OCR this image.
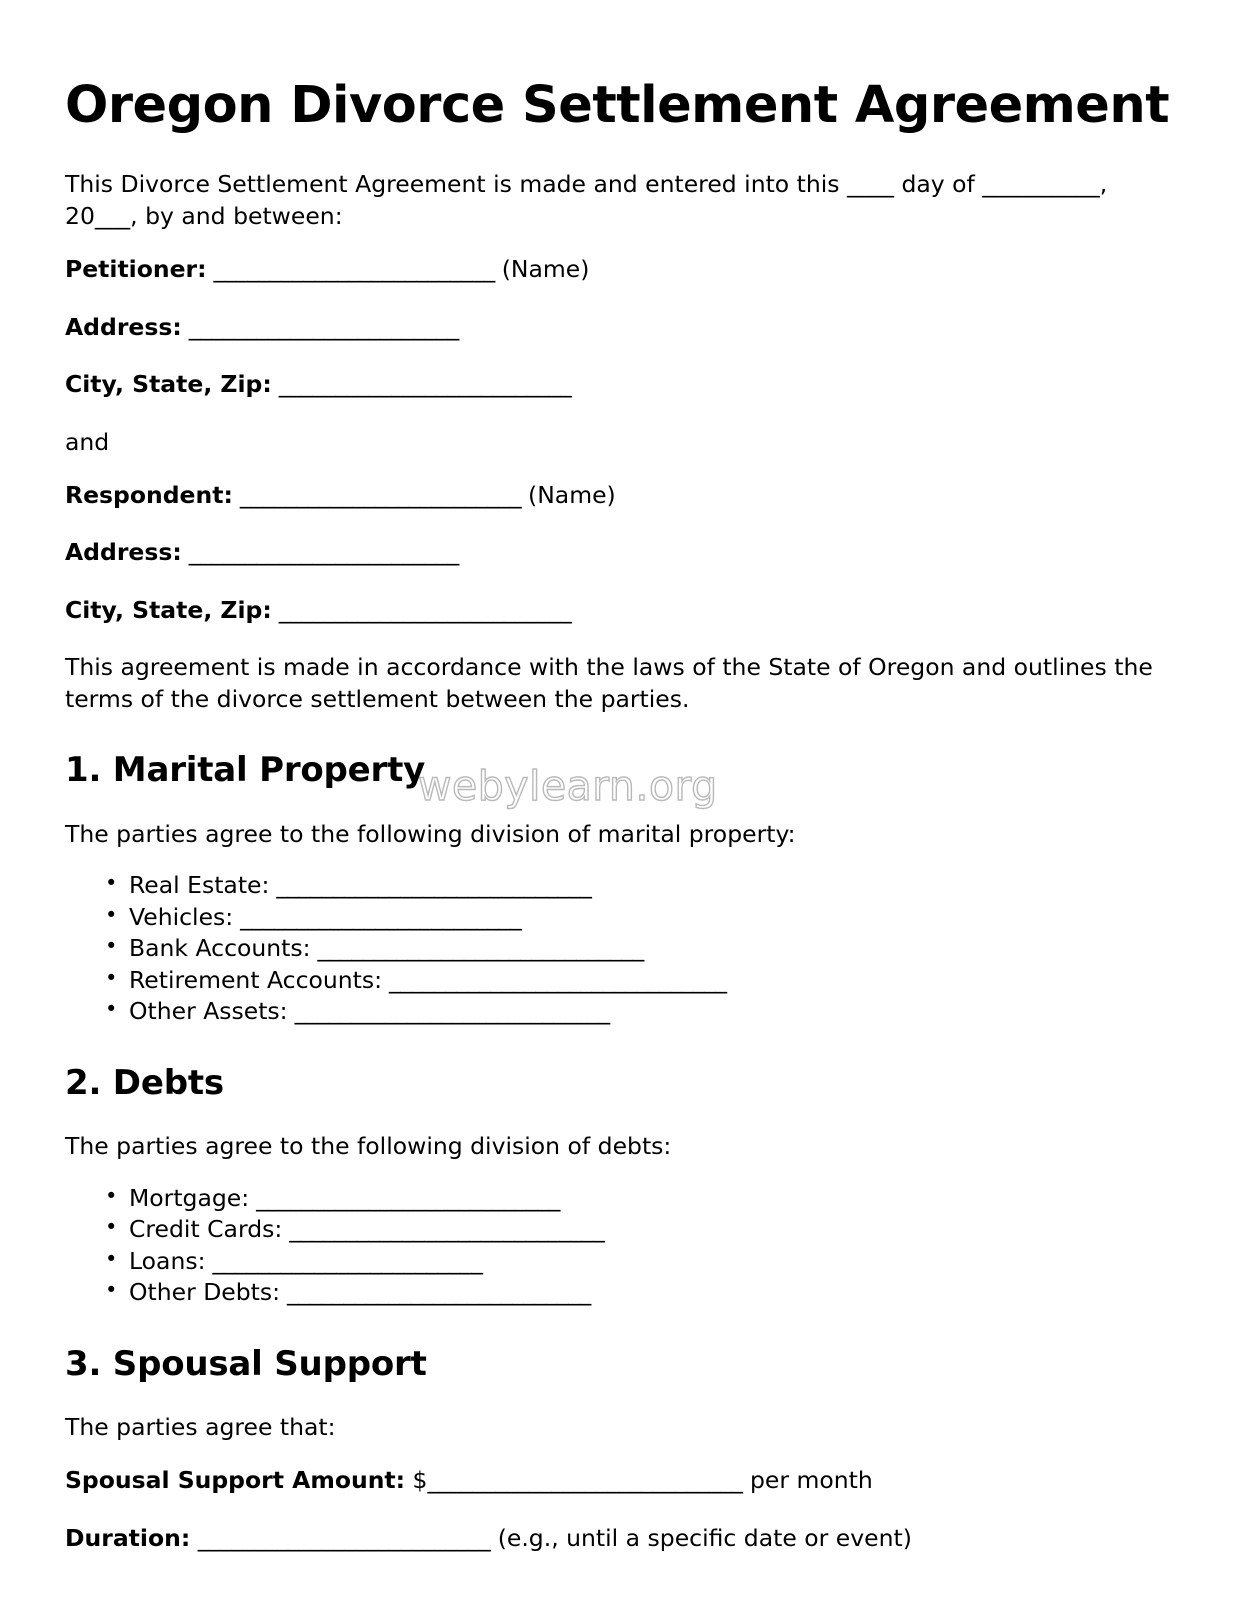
webylearn.org
Oregon Divorce Settlement Agreement

This Divorce Settlement Agreement is made and entered into this ____ day of __________, 20___, by and between:

Petitioner: _________________________ (Name)
Address: ________________________
City, State, Zip: __________________________

and

Respondent: _________________________ (Name)
Address: ________________________
City, State, Zip: __________________________

This agreement is made in accordance with the laws of the State of Oregon and outlines the terms of the divorce settlement between the parties.

1. Marital Property

The parties agree to the following division of marital property:

• Real Estate: ____________________________
• Vehicles: _________________________
• Bank Accounts: _____________________________
• Retirement Accounts: ______________________________
• Other Assets: ____________________________
2. Debts

The parties agree to the following division of debts:

• Mortgage: ___________________________
• Credit Cards: ____________________________
• Loans: ________________________
• Other Debts: ___________________________
3. Spousal Support

The parties agree that:

Spousal Support Amount: $____________________________ per month
Duration: __________________________ (e.g., until a specific date or event)
